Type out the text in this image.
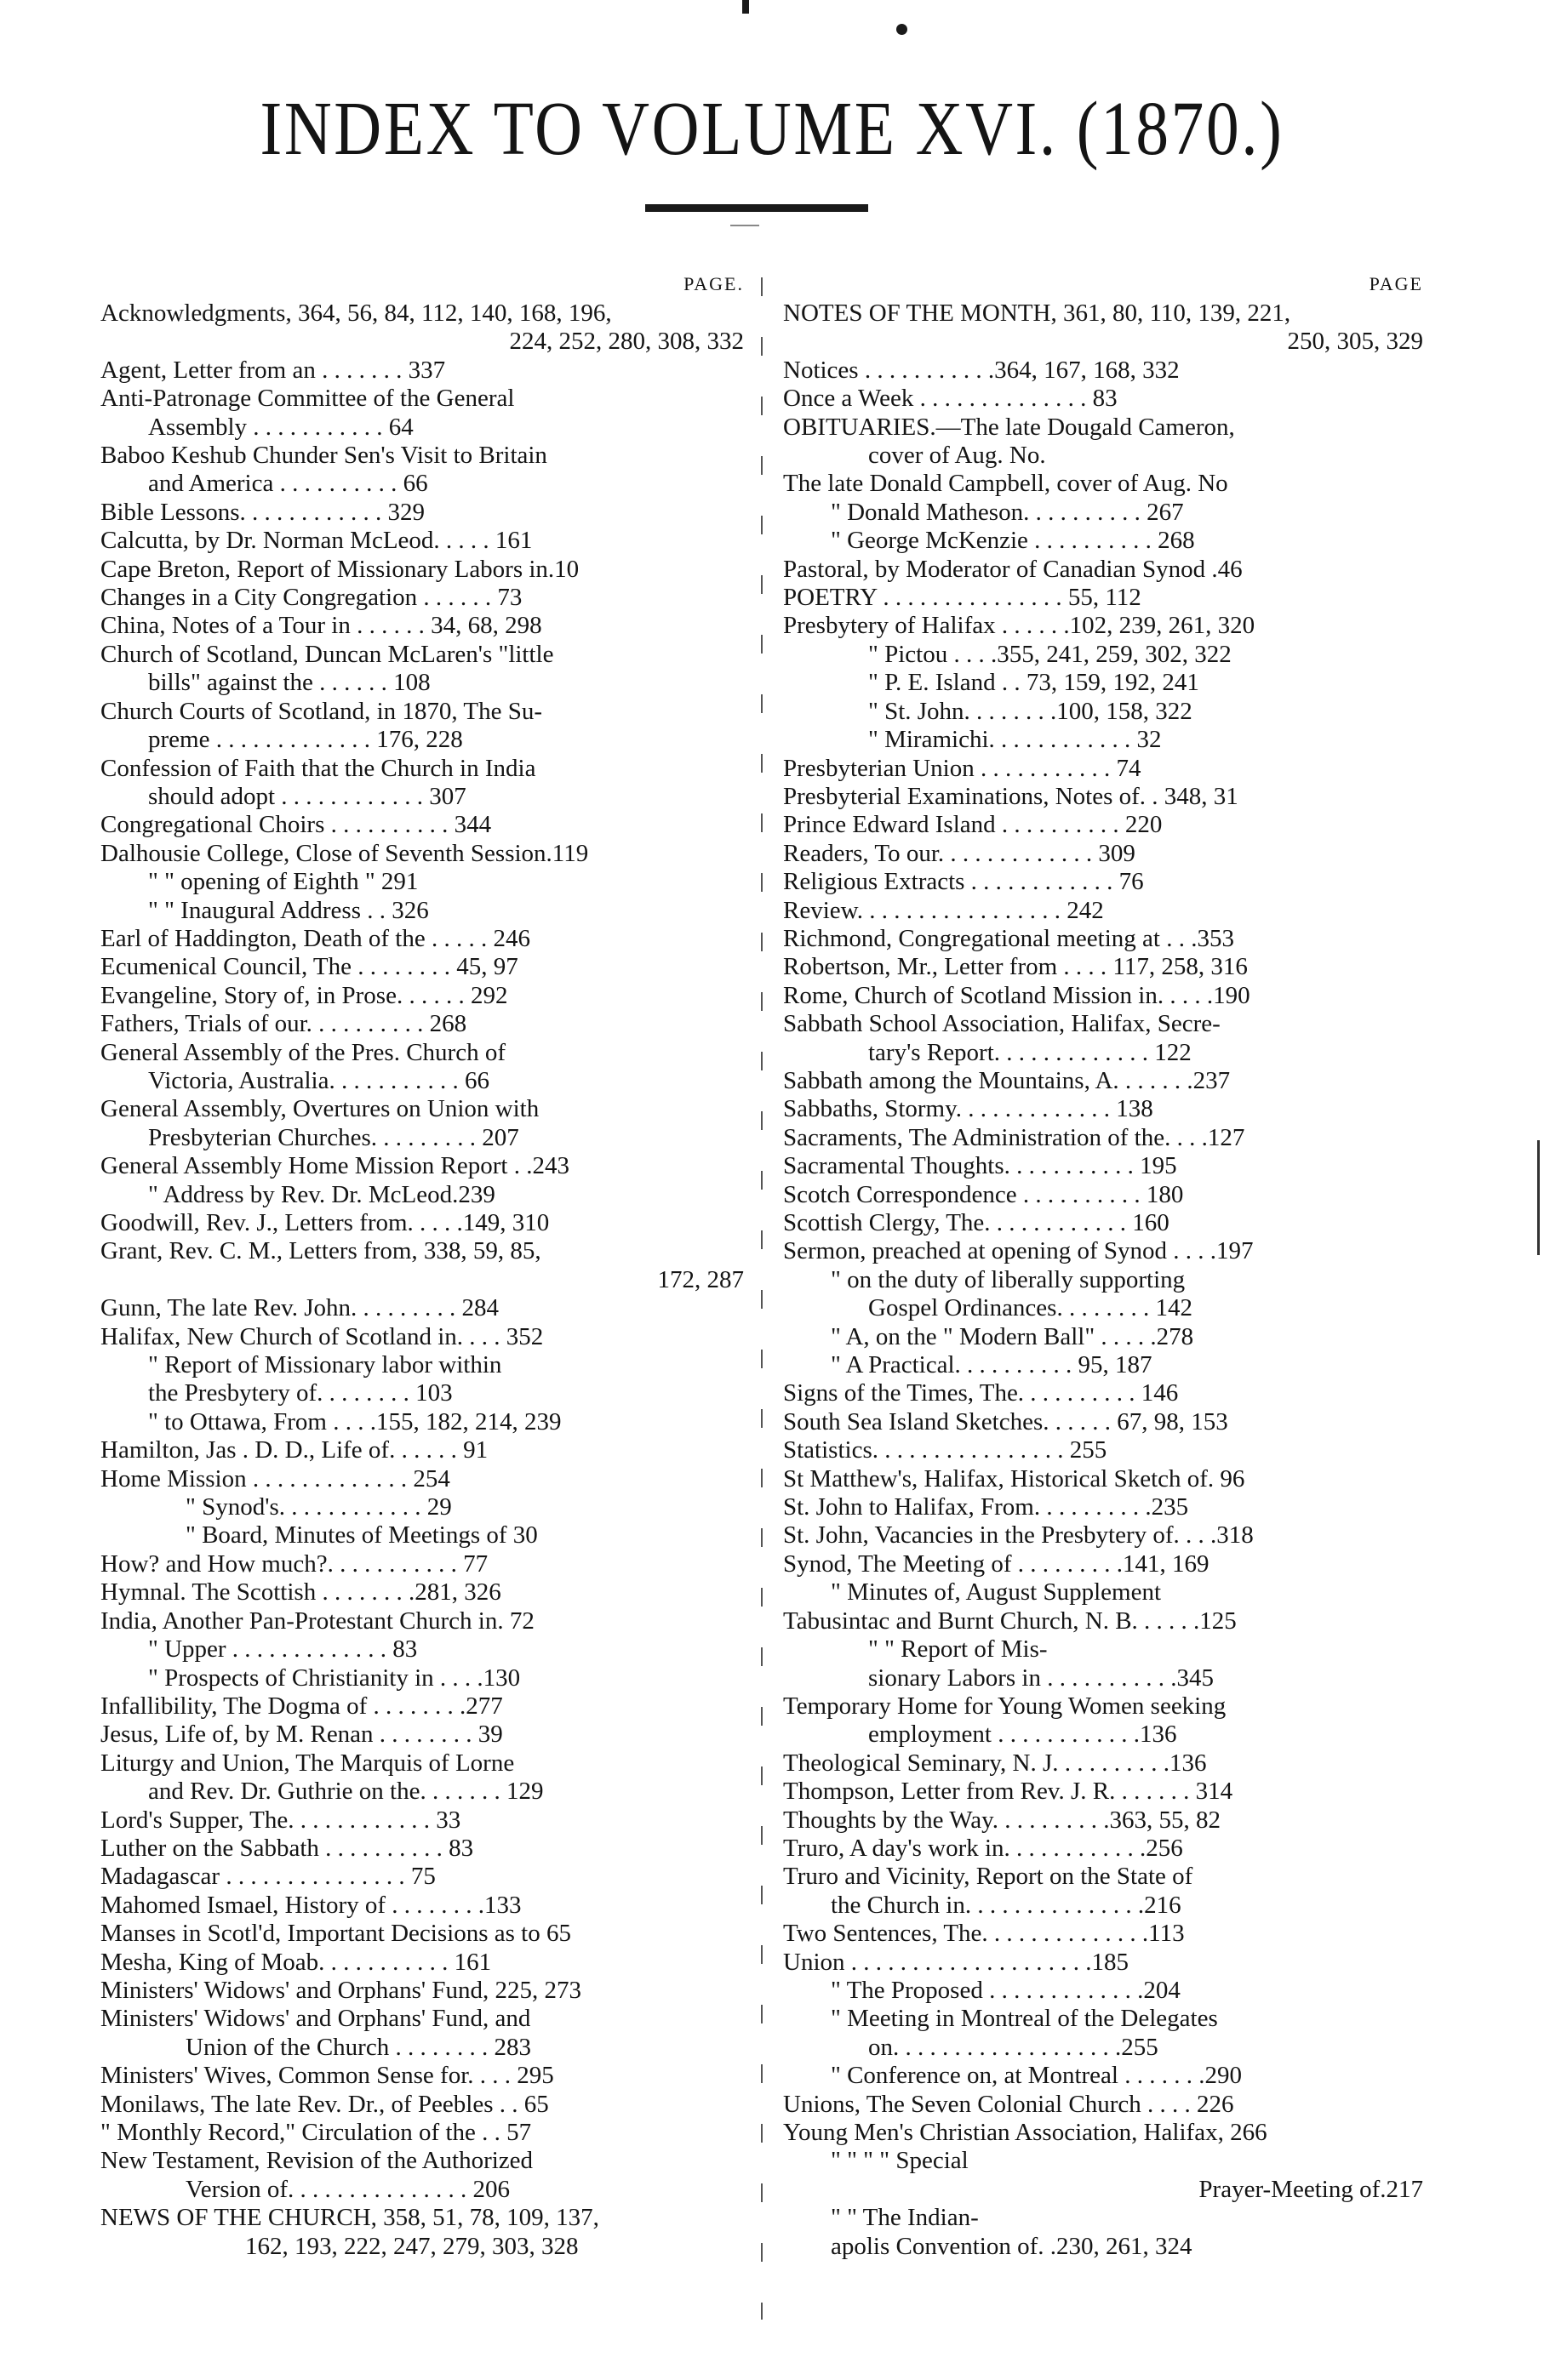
INDEX TO VOLUME XVI. (1870.)
PAGE.
Acknowledgments, 364, 56, 84, 112, 140, 168, 196,
224, 252, 280, 308, 332
Agent, Letter from an . . . . . . . 337
Anti-Patronage Committee of the General
Assembly . . . . . . . . . . . 64
Baboo Keshub Chunder Sen's Visit to Britain
and America . . . . . . . . . . 66
Bible Lessons. . . . . . . . . . . . 329
Calcutta, by Dr. Norman McLeod. . . . . 161
Cape Breton, Report of Missionary Labors in.10
Changes in a City Congregation . . . . . . 73
China, Notes of a Tour in . . . . . . 34, 68, 298
Church of Scotland, Duncan McLaren's "little
bills" against the . . . . . . 108
Church Courts of Scotland, in 1870, The Su-
preme . . . . . . . . . . . . . 176, 228
Confession of Faith that the Church in India
should adopt . . . . . . . . . . . . 307
Congregational Choirs . . . . . . . . . . 344
Dalhousie College, Close of Seventh Session.119
" " opening of Eighth " 291
" " Inaugural Address . . 326
Earl of Haddington, Death of the . . . . . 246
Ecumenical Council, The . . . . . . . . 45, 97
Evangeline, Story of, in Prose. . . . . . 292
Fathers, Trials of our. . . . . . . . . . 268
General Assembly of the Pres. Church of
Victoria, Australia. . . . . . . . . . . 66
General Assembly, Overtures on Union with
Presbyterian Churches. . . . . . . . . 207
General Assembly Home Mission Report . .243
" Address by Rev. Dr. McLeod.239
Goodwill, Rev. J., Letters from. . . . .149, 310
Grant, Rev. C. M., Letters from, 338, 59, 85,
172, 287
Gunn, The late Rev. John. . . . . . . . . 284
Halifax, New Church of Scotland in. . . . 352
" Report of Missionary labor within
the Presbytery of. . . . . . . . 103
" to Ottawa, From . . . .155, 182, 214, 239
Hamilton, Jas . D. D., Life of. . . . . . 91
Home Mission . . . . . . . . . . . . . 254
" Synod's. . . . . . . . . . . . 29
" Board, Minutes of Meetings of 30
How? and How much?. . . . . . . . . . . 77
Hymnal. The Scottish . . . . . . . .281, 326
India, Another Pan-Protestant Church in. 72
" Upper . . . . . . . . . . . . . 83
" Prospects of Christianity in . . . .130
Infallibility, The Dogma of . . . . . . . .277
Jesus, Life of, by M. Renan . . . . . . . . 39
Liturgy and Union, The Marquis of Lorne
and Rev. Dr. Guthrie on the. . . . . . . 129
Lord's Supper, The. . . . . . . . . . . . 33
Luther on the Sabbath . . . . . . . . . . 83
Madagascar . . . . . . . . . . . . . . . 75
Mahomed Ismael, History of . . . . . . . .133
Manses in Scotl'd, Important Decisions as to 65
Mesha, King of Moab. . . . . . . . . . . 161
Ministers' Widows' and Orphans' Fund, 225, 273
Ministers' Widows' and Orphans' Fund, and
Union of the Church . . . . . . . . 283
Ministers' Wives, Common Sense for. . . . 295
Monilaws, The late Rev. Dr., of Peebles . . 65
" Monthly Record," Circulation of the . . 57
New Testament, Revision of the Authorized
Version of. . . . . . . . . . . . . . . 206
NEWS OF THE CHURCH, 358, 51, 78, 109, 137,
162, 193, 222, 247, 279, 303, 328
PAGE
NOTES OF THE MONTH, 361, 80, 110, 139, 221,
250, 305, 329
Notices . . . . . . . . . . .364, 167, 168, 332
Once a Week . . . . . . . . . . . . . . 83
OBITUARIES.—The late Dougald Cameron,
cover of Aug. No.
The late Donald Campbell, cover of Aug. No
" Donald Matheson. . . . . . . . . . 267
" George McKenzie . . . . . . . . . . 268
Pastoral, by Moderator of Canadian Synod .46
POETRY . . . . . . . . . . . . . . . 55, 112
Presbytery of Halifax . . . . . .102, 239, 261, 320
" Pictou . . . .355, 241, 259, 302, 322
" P. E. Island . . 73, 159, 192, 241
" St. John. . . . . . . .100, 158, 322
" Miramichi. . . . . . . . . . . . 32
Presbyterian Union . . . . . . . . . . . 74
Presbyterial Examinations, Notes of. . 348, 31
Prince Edward Island . . . . . . . . . . 220
Readers, To our. . . . . . . . . . . . . 309
Religious Extracts . . . . . . . . . . . . 76
Review. . . . . . . . . . . . . . . . . 242
Richmond, Congregational meeting at . . .353
Robertson, Mr., Letter from . . . . 117, 258, 316
Rome, Church of Scotland Mission in. . . . .190
Sabbath School Association, Halifax, Secre-
tary's Report. . . . . . . . . . . . . 122
Sabbath among the Mountains, A. . . . . . .237
Sabbaths, Stormy. . . . . . . . . . . . . 138
Sacraments, The Administration of the. . . .127
Sacramental Thoughts. . . . . . . . . . . 195
Scotch Correspondence . . . . . . . . . . 180
Scottish Clergy, The. . . . . . . . . . . . 160
Sermon, preached at opening of Synod . . . .197
" on the duty of liberally supporting
Gospel Ordinances. . . . . . . . 142
" A, on the " Modern Ball" . . . . .278
" A Practical. . . . . . . . . . 95, 187
Signs of the Times, The. . . . . . . . . . 146
South Sea Island Sketches. . . . . . 67, 98, 153
Statistics. . . . . . . . . . . . . . . . 255
St Matthew's, Halifax, Historical Sketch of. 96
St. John to Halifax, From. . . . . . . . . .235
St. John, Vacancies in the Presbytery of. . . .318
Synod, The Meeting of . . . . . . . . .141, 169
" Minutes of, August Supplement
Tabusintac and Burnt Church, N. B. . . . . .125
" " Report of Mis-
sionary Labors in . . . . . . . . . . .345
Temporary Home for Young Women seeking
employment . . . . . . . . . . . .136
Theological Seminary, N. J. . . . . . . . . .136
Thompson, Letter from Rev. J. R. . . . . . . 314
Thoughts by the Way. . . . . . . . . .363, 55, 82
Truro, A day's work in. . . . . . . . . . . .256
Truro and Vicinity, Report on the State of
the Church in. . . . . . . . . . . . . . .216
Two Sentences, The. . . . . . . . . . . . . .113
Union . . . . . . . . . . . . . . . . . . . .185
" The Proposed . . . . . . . . . . . . .204
" Meeting in Montreal of the Delegates
on. . . . . . . . . . . . . . . . . . .255
" Conference on, at Montreal . . . . . . .290
Unions, The Seven Colonial Church . . . . 226
Young Men's Christian Association, Halifax, 266
" " " " Special
Prayer-Meeting of.217
" " The Indian-
apolis Convention of. .230, 261, 324
